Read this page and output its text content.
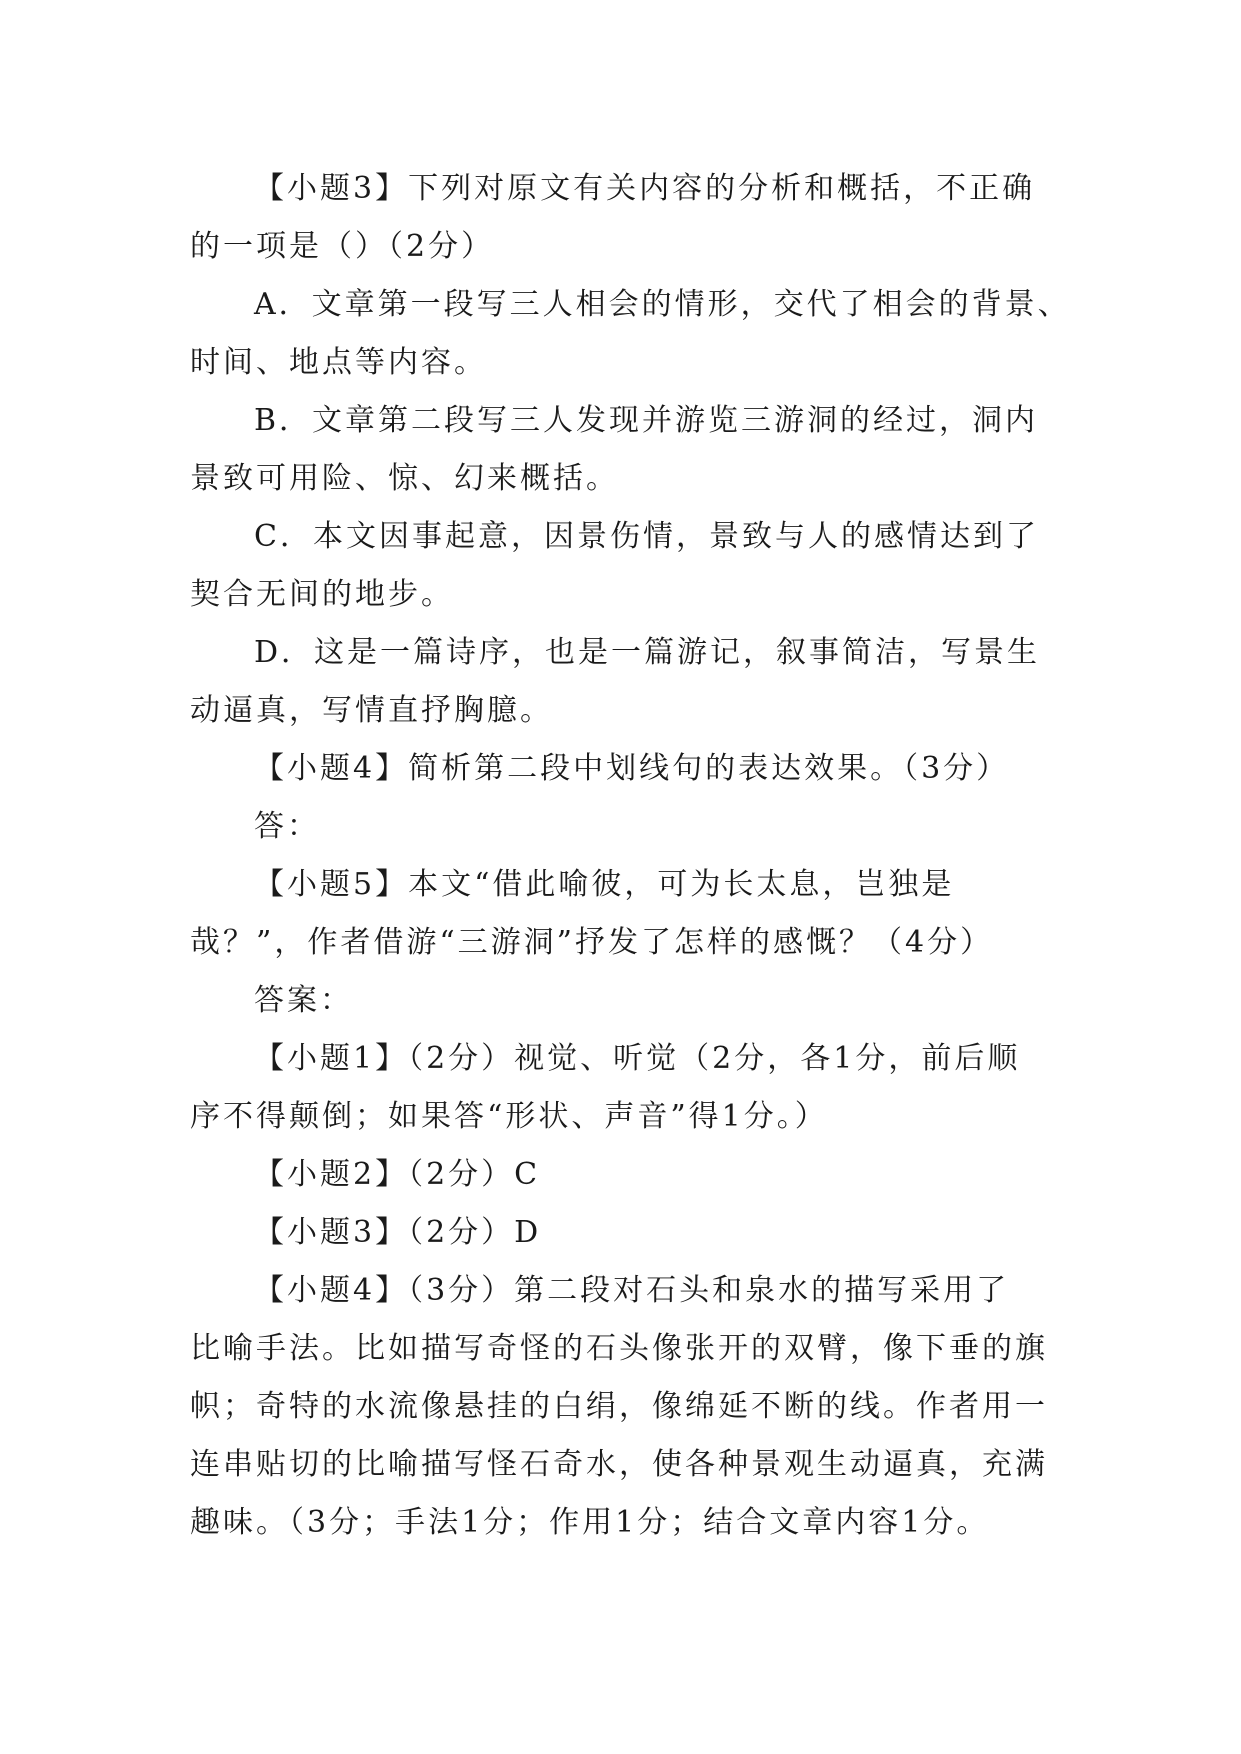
【小题3】下列对原文有关内容的分析和概括，不正确
的一项是（）（2分）
A．文章第一段写三人相会的情形，交代了相会的背景、
时间、地点等内容。
B．文章第二段写三人发现并游览三游洞的经过，洞内
景致可用险、惊、幻来概括。
C．本文因事起意，因景伤情，景致与人的感情达到了
契合无间的地步。
D．这是一篇诗序，也是一篇游记，叙事简洁，写景生
动逼真，写情直抒胸臆。
【小题4】简析第二段中划线句的表达效果。（3分）
答：
【小题5】本文“借此喻彼，可为长太息，岂独是
哉？”，作者借游“三游洞”抒发了怎样的感慨？（4分）
答案：
【小题1】（2分）视觉、听觉（2分，各1分，前后顺
序不得颠倒；如果答“形状、声音”得1分。）
【小题2】（2分）C
【小题3】（2分）D
【小题4】（3分）第二段对石头和泉水的描写采用了
比喻手法。比如描写奇怪的石头像张开的双臂，像下垂的旗
帜；奇特的水流像悬挂的白绢，像绵延不断的线。作者用一
连串贴切的比喻描写怪石奇水，使各种景观生动逼真，充满
趣味。（3分；手法1分；作用1分；结合文章内容1分。
